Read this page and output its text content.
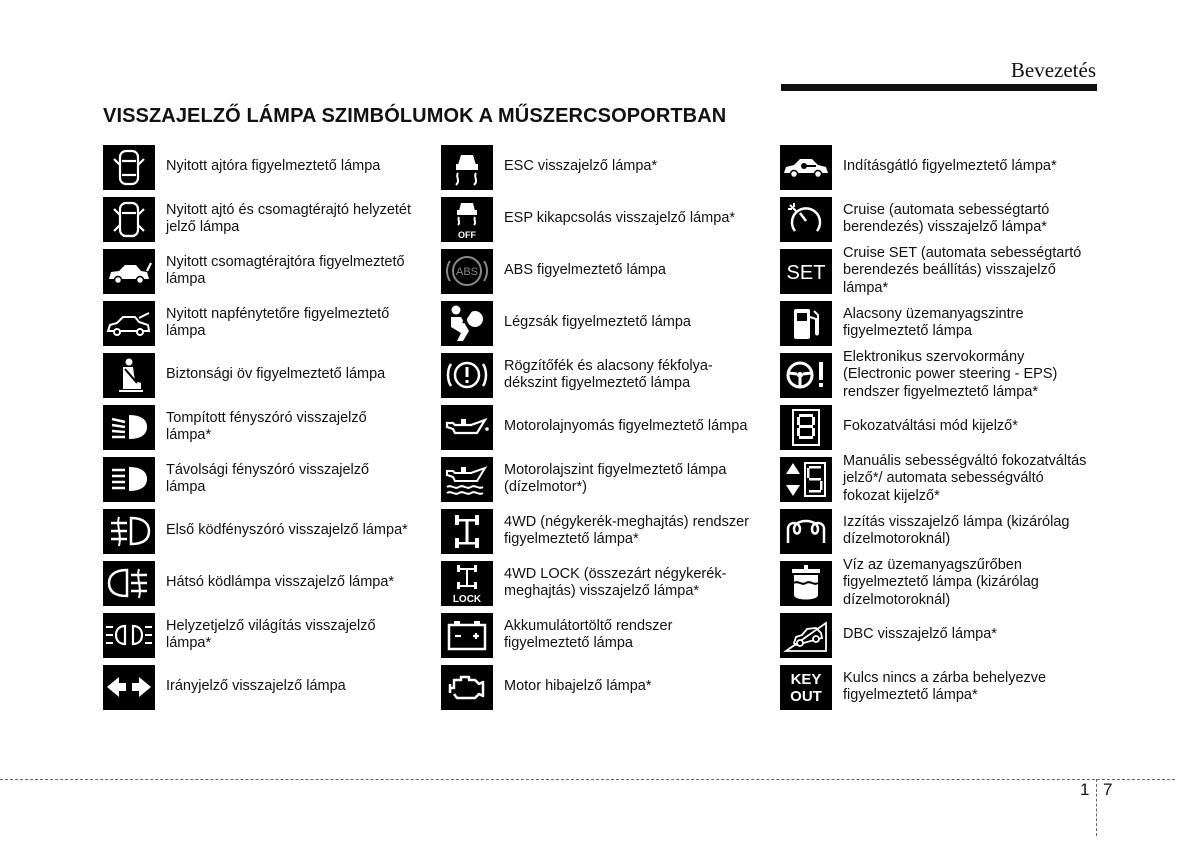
Bevezetés
VISSZAJELZŐ LÁMPA SZIMBÓLUMOK A MŰSZERCSOPORTBAN
Nyitott ajtóra figyelmeztető lámpa
Nyitott ajtó és csomagtérajtó helyzetét
jelző lámpa
Nyitott csomagtérajtóra figyelmeztető
lámpa
Nyitott napfénytetőre figyelmeztető
lámpa
Biztonsági öv figyelmeztető lámpa
Tompított fényszóró visszajelző
lámpa*
Távolsági fényszóró visszajelző
lámpa
Első ködfényszóró visszajelző lámpa*
Hátsó ködlámpa visszajelző lámpa*
Helyzetjelző világítás visszajelző
lámpa*
Irányjelző visszajelző lámpa
ESC visszajelző lámpa*
OFF
ESP kikapcsolás visszajelző lámpa*
ABS ABS figyelmeztető lámpa
Légzsák figyelmeztető lámpa
Rögzítőfék és alacsony fékfolya-
dékszint figyelmeztető lámpa
Motorolajnyomás figyelmeztető lámpa
Motorolajszint figyelmeztető lámpa
(dízelmotor*)
4WD (négykerék-meghajtás) rendszer
figyelmeztető lámpa*
LOCK
4WD LOCK (összezárt négykerék-
meghajtás) visszajelző lámpa*
Akkumulátortöltő rendszer
figyelmeztető lámpa
Motor hibajelző lámpa*
Indításgátló figyelmeztető lámpa*
Cruise (automata sebességtartó
berendezés) visszajelző lámpa*
SET
Cruise SET (automata sebességtartó
berendezés beállítás) visszajelző
lámpa*
Alacsony üzemanyagszintre
figyelmeztető lámpa
Elektronikus szervokormány
(Electronic power steering - EPS)
rendszer figyelmeztető lámpa*
Fokozatváltási mód kijelző*
Manuális sebességváltó fokozatváltás
jelző*/ automata sebességváltó
fokozat kijelző*
Izzítás visszajelző lámpa (kizárólag
dízelmotoroknál)
Víz az üzemanyagszűrőben
figyelmeztető lámpa (kizárólag
dízelmotoroknál)
DBC visszajelző lámpa*
KEY OUT
Kulcs nincs a zárba behelyezve
figyelmeztető lámpa*
1 7
